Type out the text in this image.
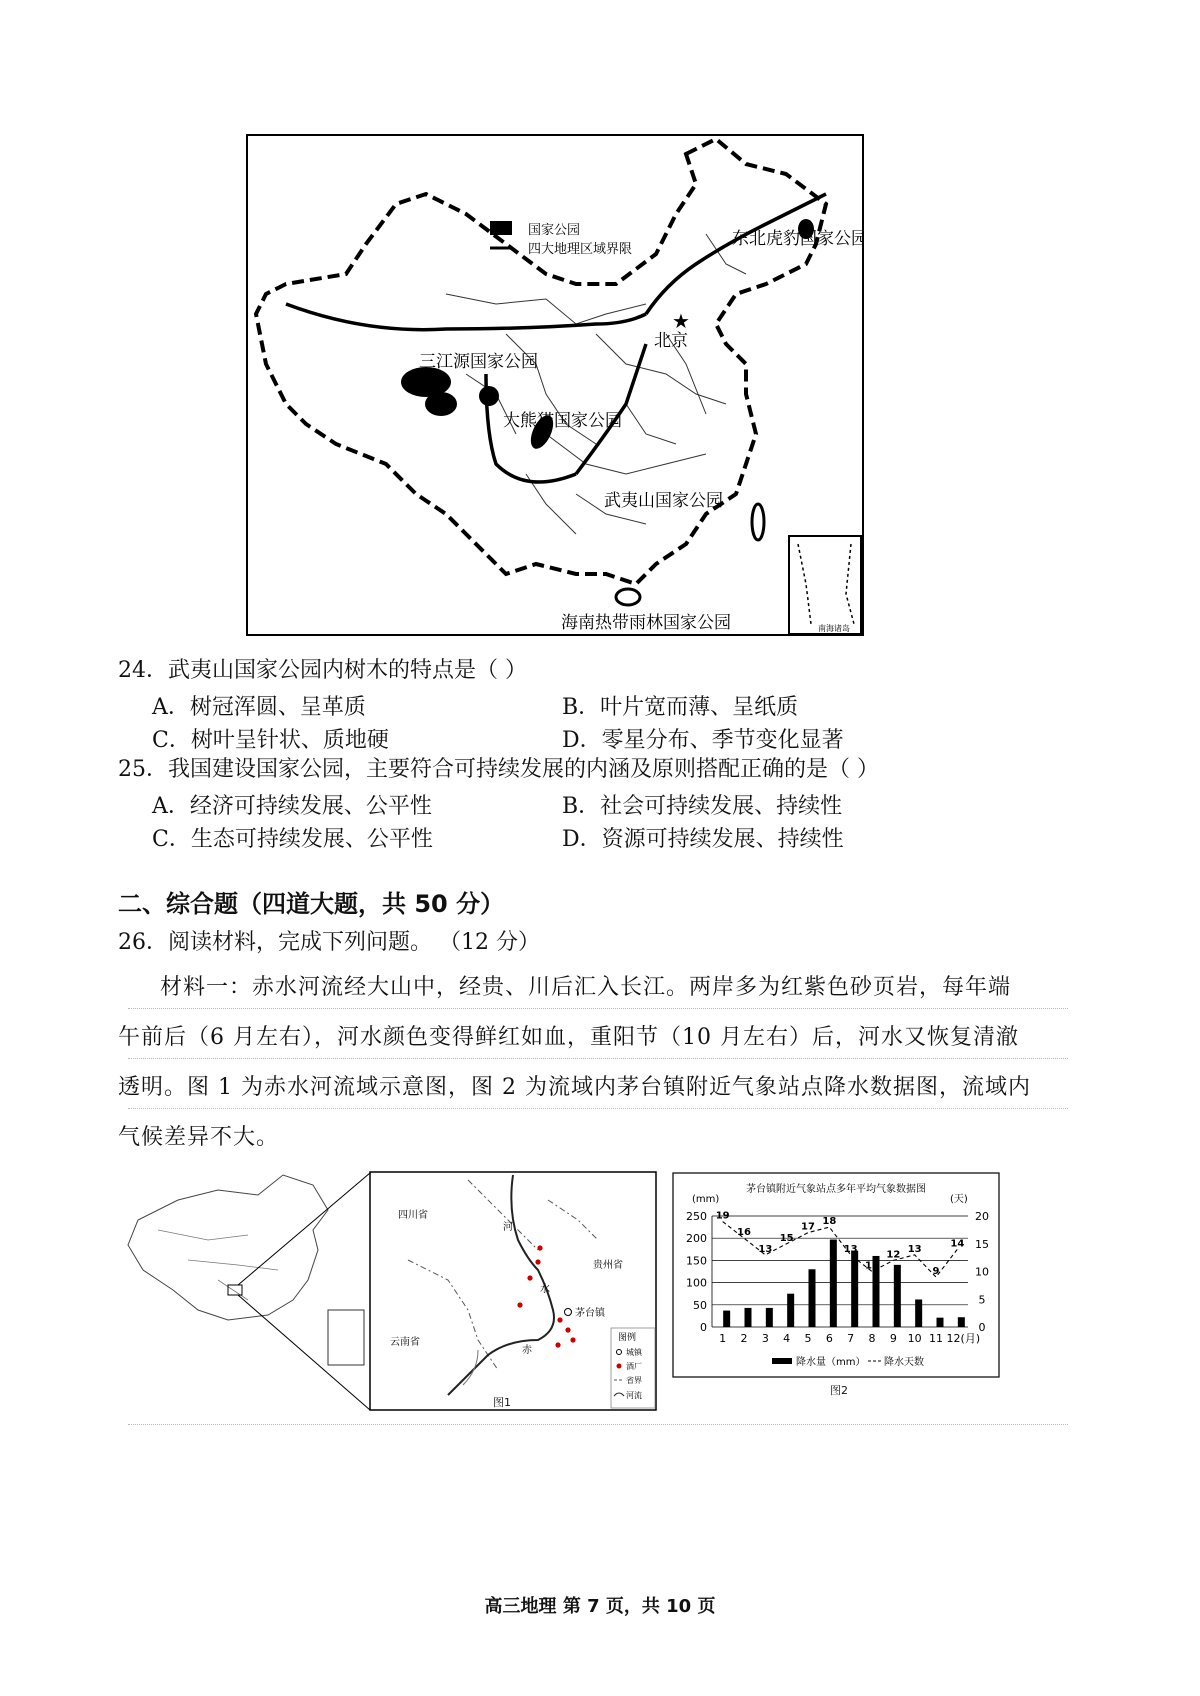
★
国家公园
四大地理区域界限
东北虎豹国家公园
北京
三江源国家公园
大熊猫国家公园
武夷山国家公园
海南热带雨林国家公园	南海诸岛
24．武夷山国家公园内树木的特点是（ ）
A．树冠浑圆、呈革质	B．叶片宽而薄、呈纸质
C．树叶呈针状、质地硬	D．零星分布、季节变化显著
25．我国建设国家公园，主要符合可持续发展的内涵及原则搭配正确的是（ ）
A．经济可持续发展、公平性	B．社会可持续发展、持续性
C．生态可持续发展、公平性	D．资源可持续发展、持续性
二、综合题（四道大题，共 50 分）
26．阅读材料，完成下列问题。 （12 分）
材料一：赤水河流经大山中，经贵、川后汇入长江。两岸多为红紫色砂页岩，每年端
午前后（6 月左右），河水颜色变得鲜红如血，重阳节（10 月左右）后，河水又恢复清澈
透明。图 1 为赤水河流域示意图，图 2 为流域内茅台镇附近气象站点降水数据图，流域内
气候差异不大。
四川省
贵州省
云南省
茅台镇
河
水
赤
图例
城镇
酒厂
省界
河流
图1
茅台镇附近气象站点多年平均气象数据图
(mm)	(天)
19
16
13
15
17
18
13
10
12
13
9
14
0
50
100
150
200
250
0
5
10
15
20
1 2 3 4 5 6 7 8 9 10 11 12(月)
降水量（mm） 降水天数
图2
高三地理 第 7 页，共 10 页
